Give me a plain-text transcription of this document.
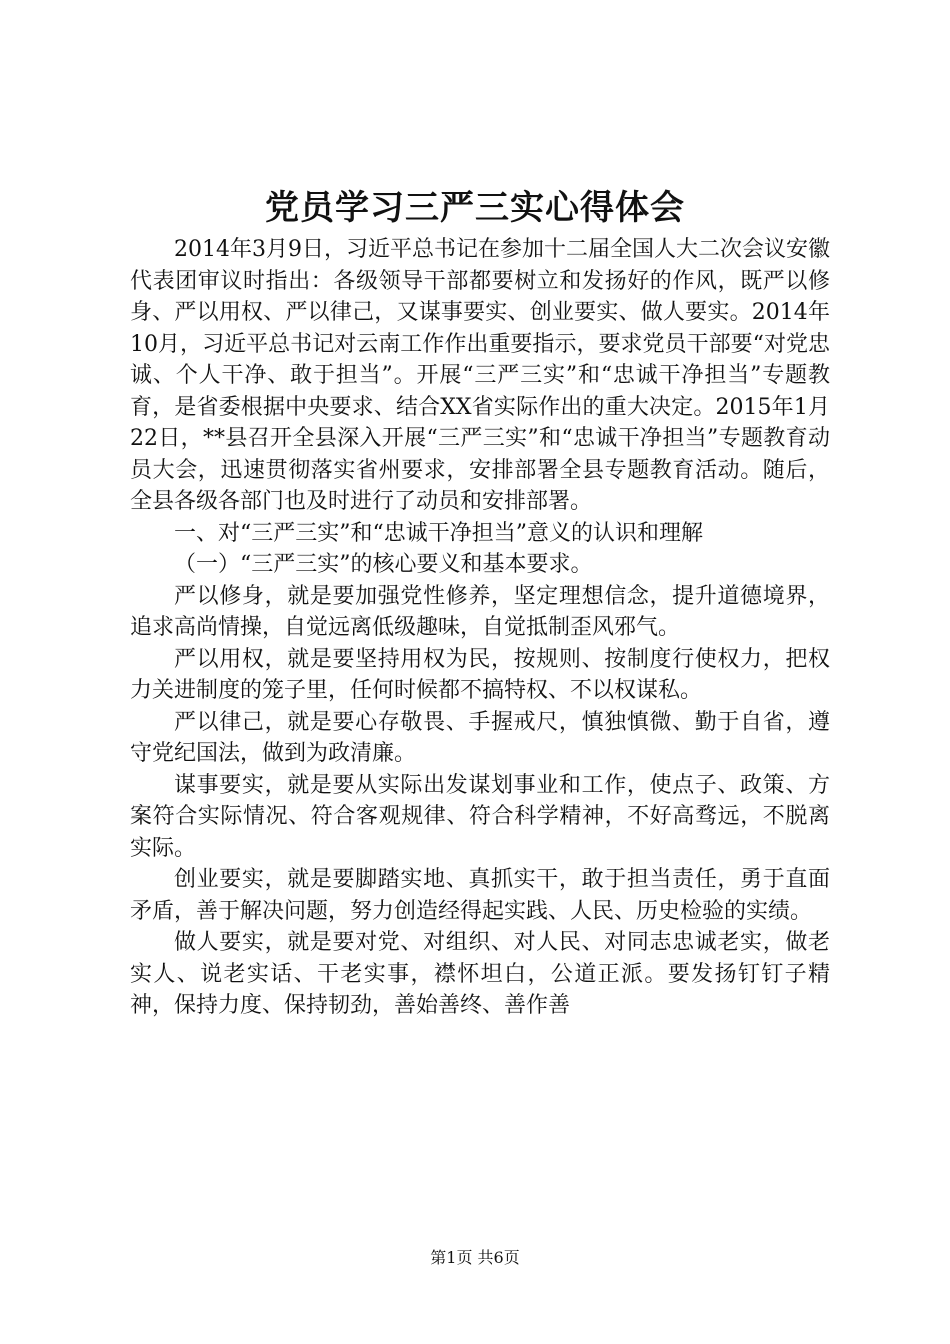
党员学习三严三实心得体会

2014年3月9日，习近平总书记在参加十二届全国人大二次会议安徽代表团审议时指出：各级领导干部都要树立和发扬好的作风，既严以修身、严以用权、严以律己，又谋事要实、创业要实、做人要实。2014年10月，习近平总书记对云南工作作出重要指示，要求党员干部要“对党忠诚、个人干净、敢于担当”。开展“三严三实”和“忠诚干净担当”专题教育，是省委根据中央要求、结合XX省实际作出的重大决定。2015年1月22日，**县召开全县深入开展“三严三实”和“忠诚干净担当”专题教育动员大会，迅速贯彻落实省州要求，安排部署全县专题教育活动。随后，全县各级各部门也及时进行了动员和安排部署。

一、对“三严三实”和“忠诚干净担当”意义的认识和理解

（一）“三严三实”的核心要义和基本要求。

严以修身，就是要加强党性修养，坚定理想信念，提升道德境界，追求高尚情操，自觉远离低级趣味，自觉抵制歪风邪气。

严以用权，就是要坚持用权为民，按规则、按制度行使权力，把权力关进制度的笼子里，任何时候都不搞特权、不以权谋私。

严以律己，就是要心存敬畏、手握戒尺，慎独慎微、勤于自省，遵守党纪国法，做到为政清廉。

谋事要实，就是要从实际出发谋划事业和工作，使点子、政策、方案符合实际情况、符合客观规律、符合科学精神，不好高骛远，不脱离实际。

创业要实，就是要脚踏实地、真抓实干，敢于担当责任，勇于直面矛盾，善于解决问题，努力创造经得起实践、人民、历史检验的实绩。

做人要实，就是要对党、对组织、对人民、对同志忠诚老实，做老实人、说老实话、干老实事，襟怀坦白，公道正派。要发扬钉钉子精神，保持力度、保持韧劲，善始善终、善作善

第1页 共6页
